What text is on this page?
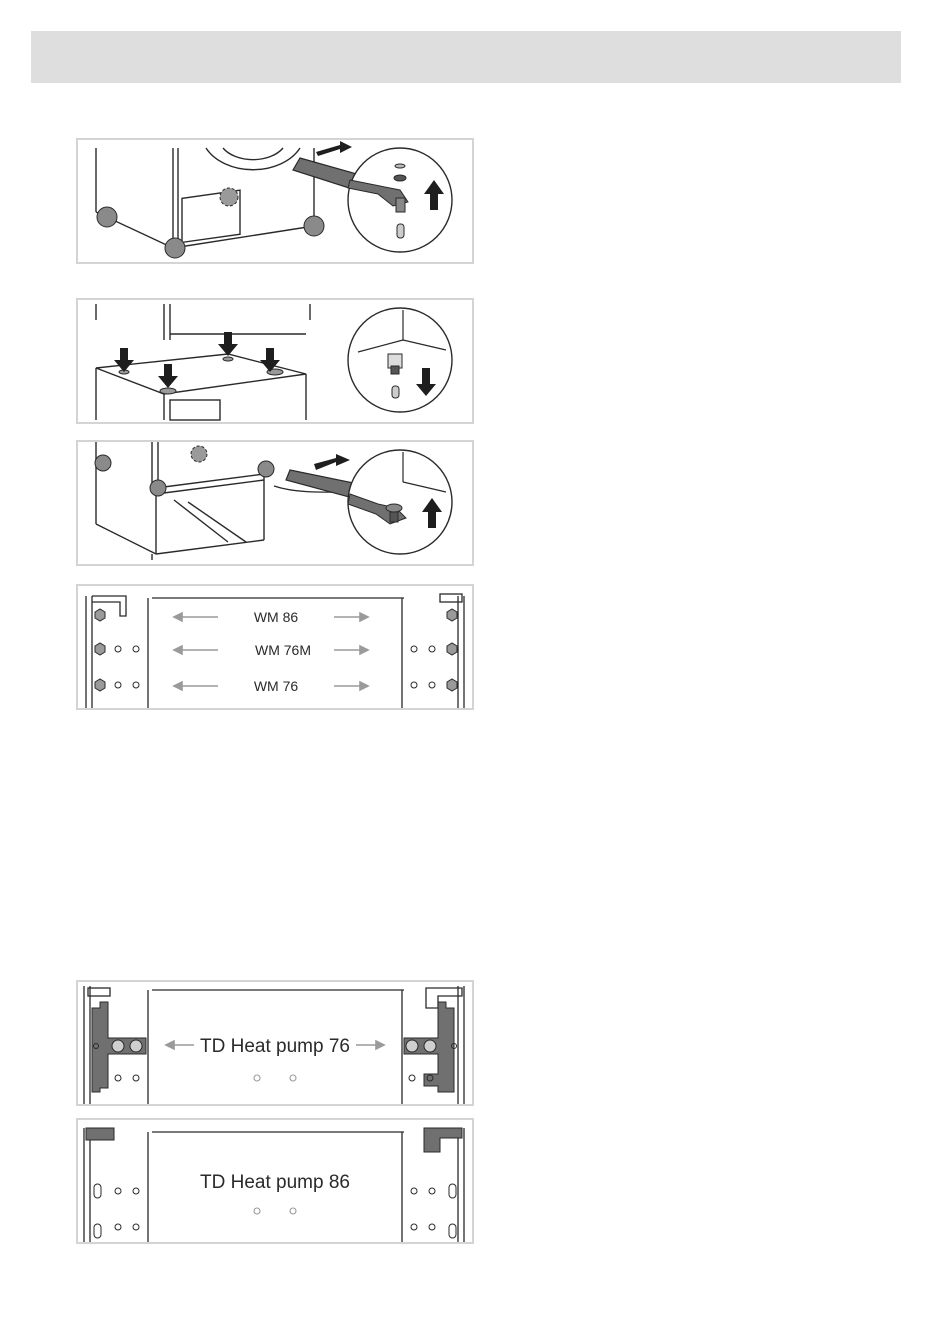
WM 86
WM 76M
WM 76
TD Heat pump 76
TD Heat pump 86
